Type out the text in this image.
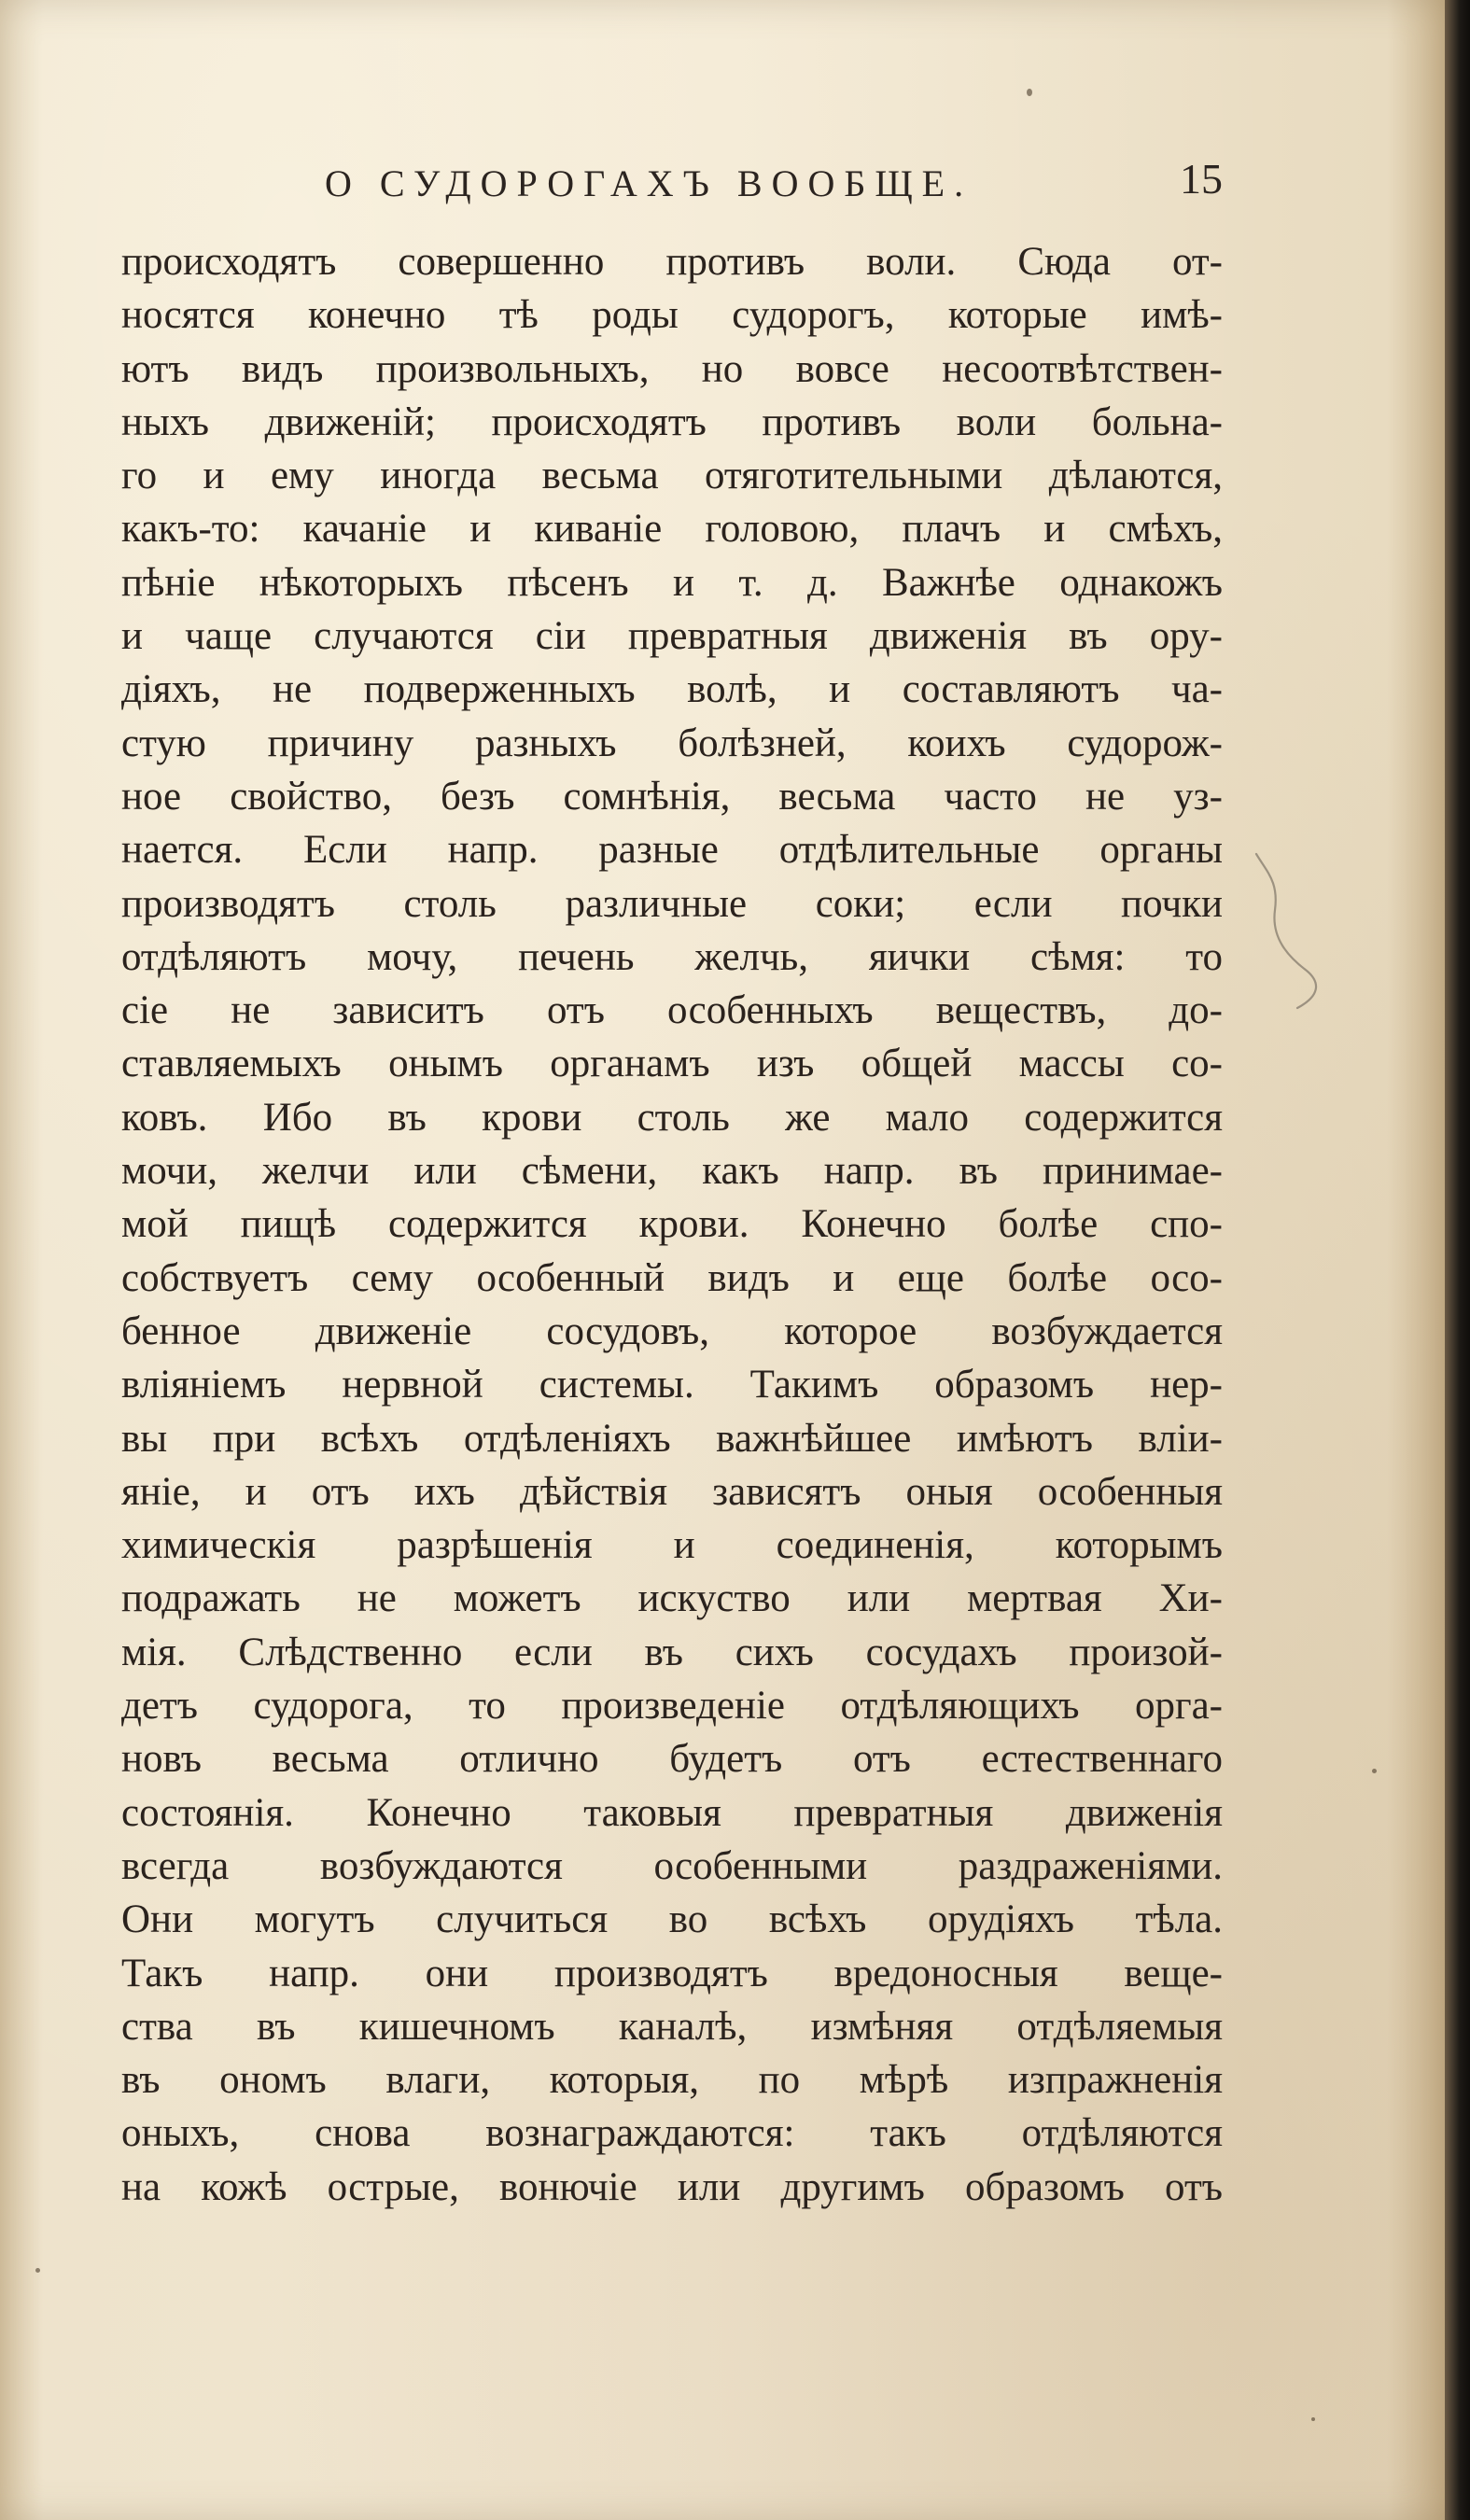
О СУДОРОГАХЪ ВООБЩЕ.	15
происходятъ совершенно противъ воли. Сюда от-
носятся конечно тѣ роды судорогъ, которые имѣ-
ютъ видъ произвольныхъ, но вовсе несоотвѣтствен-
ныхъ движеній; происходятъ противъ воли больна-
го и ему иногда весьма отяготительными дѣлаются,
какъ-то: качаніе и киваніе головою, плачъ и смѣхъ,
пѣніе нѣкоторыхъ пѣсенъ и т. д. Важнѣе однакожъ
и чаще случаются сіи превратныя движенія въ ору-
діяхъ, не подверженныхъ волѣ, и составляютъ ча-
стую причину разныхъ болѣзней, коихъ судорож-
ное свойство, безъ сомнѣнія, весьма часто не уз-
нается. Если напр. разные отдѣлительные органы
производятъ столь различные соки; если почки
отдѣляютъ мочу, печень желчь, яички сѣмя: то
сіе не зависитъ отъ особенныхъ веществъ, до-
ставляемыхъ онымъ органамъ изъ общей массы со-
ковъ. Ибо въ крови столь же мало содержится
мочи, желчи или сѣмени, какъ напр. въ принимае-
мой пищѣ содержится крови. Конечно болѣе спо-
собствуетъ сему особенный видъ и еще болѣе осо-
бенное движеніе сосудовъ, которое возбуждается
вліяніемъ нервной системы. Такимъ образомъ нер-
вы при всѣхъ отдѣленіяхъ важнѣйшее имѣютъ вліи-
яніе, и отъ ихъ дѣйствія зависятъ оныя особенныя
химическія разрѣшенія и соединенія, которымъ
подражать не можетъ искуство или мертвая Хи-
мія. Слѣдственно если въ сихъ сосудахъ произой-
детъ судорога, то произведеніе отдѣляющихъ орга-
новъ весьма отлично будетъ отъ естественнаго
состоянія. Конечно таковыя превратныя движенія
всегда возбуждаются особенными раздраженіями.
Они могутъ случиться во всѣхъ орудіяхъ тѣла.
Такъ напр. они производятъ вредоносныя веще-
ства въ кишечномъ каналѣ, измѣняя отдѣляемыя
въ ономъ влаги, которыя, по мѣрѣ изпражненія
оныхъ, снова вознаграждаются: такъ отдѣляются
на кожѣ острые, вонючіе или другимъ образомъ отъ
